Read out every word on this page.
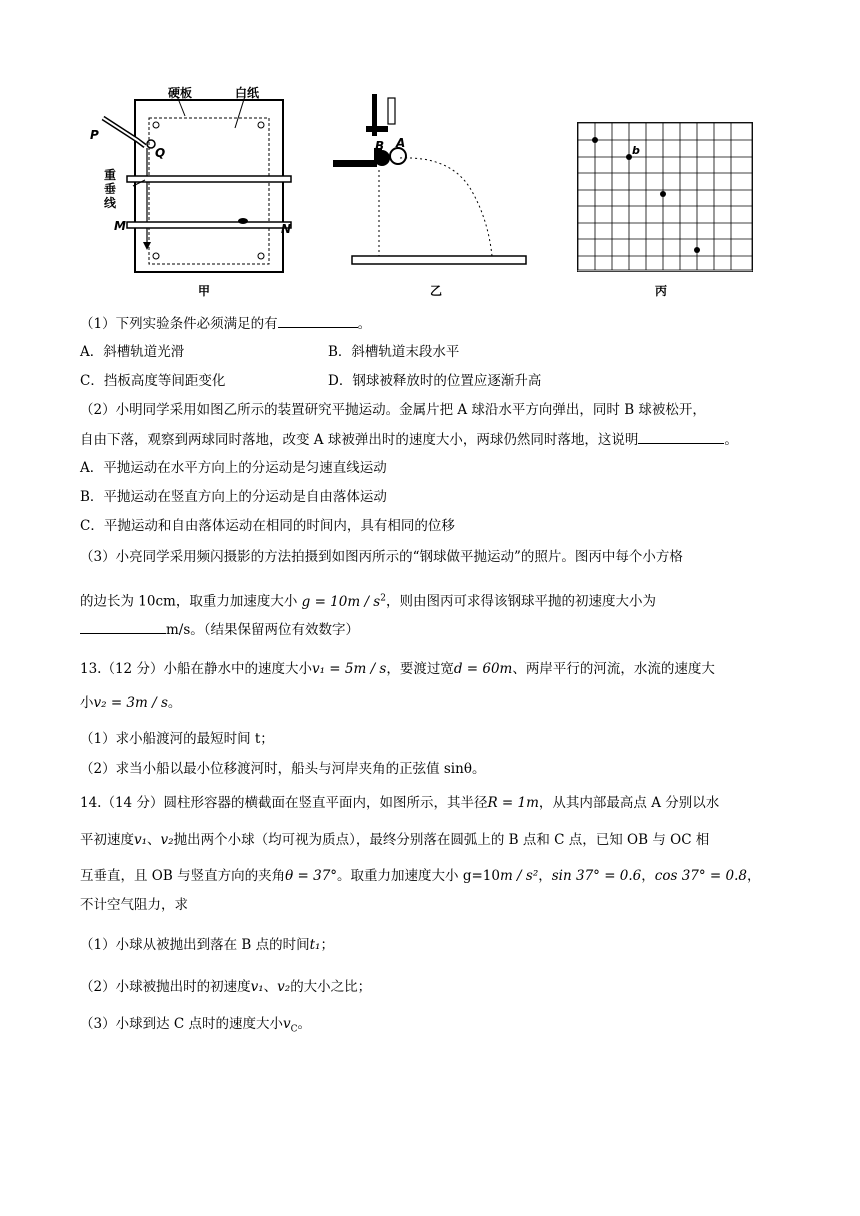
硬板	白纸
P
Q
重垂线
M	N
甲
B A
乙
b
丙
（1）下列实验条件必须满足的有	。
A．斜槽轨道光滑	B．斜槽轨道末段水平
C．挡板高度等间距变化	D．钢球被释放时的位置应逐渐升高
（2）小明同学采用如图乙所示的装置研究平抛运动。金属片把 A 球沿水平方向弹出，同时 B 球被松开，
自由下落，观察到两球同时落地，改变 A 球被弹出时的速度大小，两球仍然同时落地，这说明	。
A．平抛运动在水平方向上的分运动是匀速直线运动
B．平抛运动在竖直方向上的分运动是自由落体运动
C．平抛运动和自由落体运动在相同的时间内，具有相同的位移
（3）小亮同学采用频闪摄影的方法拍摄到如图丙所示的“钢球做平抛运动”的照片。图丙中每个小方格
的边长为 10cm，取重力加速度大小 $g = 10m / s^2$，则由图丙可求得该钢球平抛的初速度大小为
m/s。（结果保留两位有效数字）
13.（12 分）小船在静水中的速度大小v₁ = 5m / s，要渡过宽d = 60m、两岸平行的河流，水流的速度大
小v₂ = 3m / s。
（1）求小船渡河的最短时间 t；
（2）求当小船以最小位移渡河时，船头与河岸夹角的正弦值 sinθ。
14.（14 分）圆柱形容器的横截面在竖直平面内，如图所示，其半径R = 1m，从其内部最高点 A 分别以水
平初速度v₁、v₂抛出两个小球（均可视为质点），最终分别落在圆弧上的 B 点和 C 点，已知 OB 与 OC 相
互垂直，且 OB 与竖直方向的夹角θ = 37°。取重力加速度大小 g=10m / s²，sin 37° = 0.6，cos 37° = 0.8，
不计空气阻力，求
（1）小球从被抛出到落在 B 点的时间t₁；
（2）小球被抛出时的初速度v₁、v₂的大小之比；
（3）小球到达 C 点时的速度大小$v_C$。
